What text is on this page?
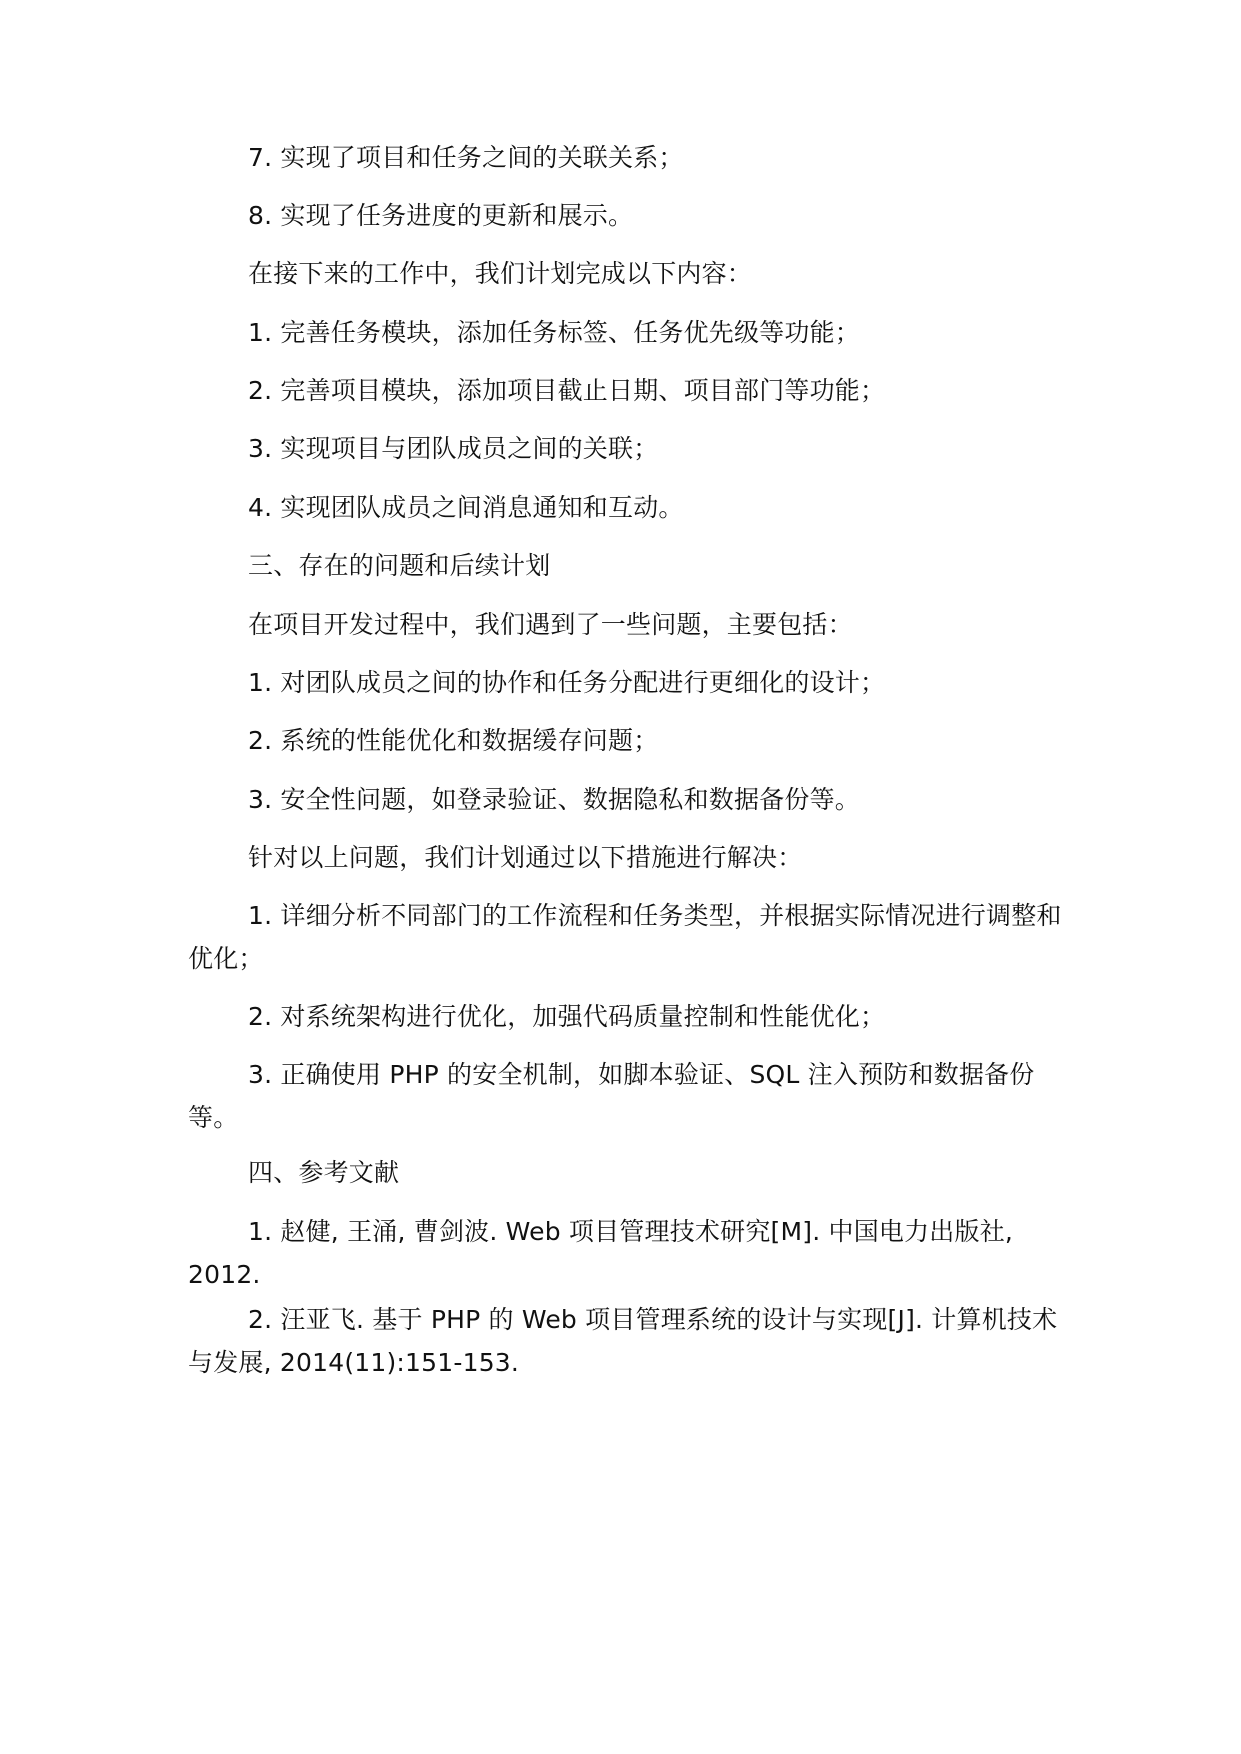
7. 实现了项目和任务之间的关联关系；

8. 实现了任务进度的更新和展示。

在接下来的工作中，我们计划完成以下内容：

1. 完善任务模块，添加任务标签、任务优先级等功能；

2. 完善项目模块，添加项目截止日期、项目部门等功能；

3. 实现项目与团队成员之间的关联；

4. 实现团队成员之间消息通知和互动。

三、存在的问题和后续计划

在项目开发过程中，我们遇到了一些问题，主要包括：

1. 对团队成员之间的协作和任务分配进行更细化的设计；

2. 系统的性能优化和数据缓存问题；

3. 安全性问题，如登录验证、数据隐私和数据备份等。

针对以上问题，我们计划通过以下措施进行解决：

1. 详细分析不同部门的工作流程和任务类型，并根据实际情况进行调整和优化；

2. 对系统架构进行优化，加强代码质量控制和性能优化；

3. 正确使用 PHP 的安全机制，如脚本验证、SQL 注入预防和数据备份等。

四、参考文献

1. 赵健, 王涌, 曹剑波. Web 项目管理技术研究[M]. 中国电力出版社, 2012.

2. 汪亚飞. 基于 PHP 的 Web 项目管理系统的设计与实现[J]. 计算机技术与发展, 2014(11):151-153.
